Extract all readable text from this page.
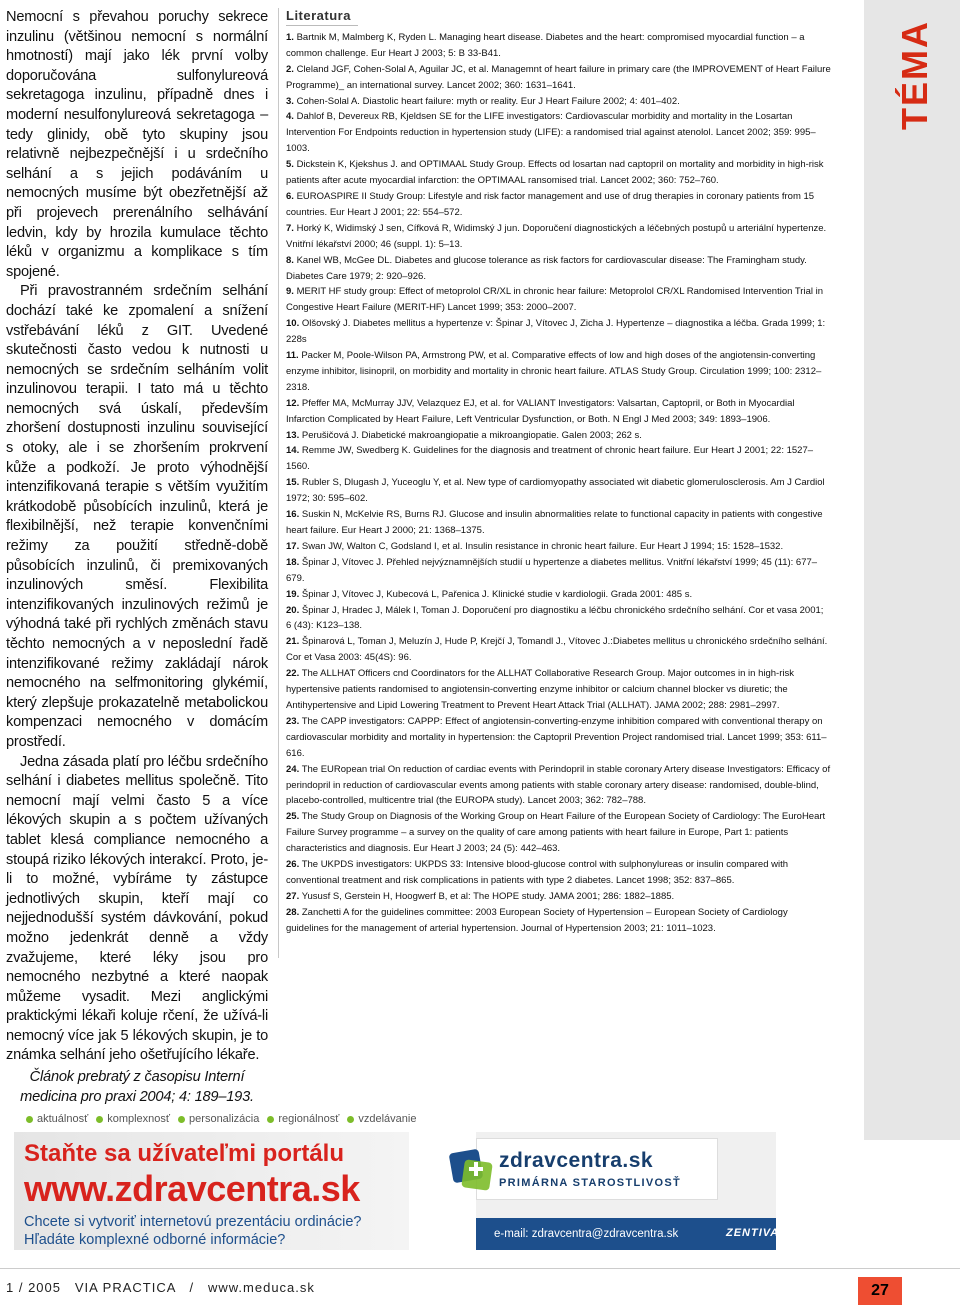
Nemocní s převahou poruchy sekrece inzulinu (většinou nemocní s normální hmotností) mají jako lék první volby doporučována sulfonylureová sekretagoga inzulinu, případně dnes i moderní nesulfonylureová sekretagoga – tedy glinidy, obě tyto skupiny jsou relativně nejbezpečnější i u srdečního selhání a s jejich podáváním u nemocných musíme být obezřetnější až při projevech prerenálního selhávání ledvin, kdy by hrozila kumulace těchto léků v organizmu a komplikace s tím spojené.

Při pravostranném srdečním selhání dochází také ke zpomalení a snížení vstřebávání léků z GIT. Uvedené skutečnosti často vedou k nutnosti u nemocných se srdečním selháním volit inzulinovou terapii. I tato má u těchto nemocných svá úskalí, především zhoršení dostupnosti inzulinu související s otoky, ale i se zhoršením prokrvení kůže a podkoží. Je proto výhodnější intenzifikovaná terapie s větším využitím krátkodobě působících inzulinů, která je flexibilnější, než terapie konvenčními režimy za použití středně-době působících inzulinů, či premixovaných inzulinových směsí. Flexibilita intenzifikovaných inzulinových režimů je výhodná také při rychlých změnách stavu těchto nemocných a v neposlední řadě intenzifikované režimy zakládají nárok nemocného na selfmonitoring glykémií, který zlepšuje prokazatelně metabolickou kompenzaci nemocného v domácím prostředí.

Jedna zásada platí pro léčbu srdečního selhání i diabetes mellitus společně. Tito nemocní mají velmi často 5 a více lékových skupin a s počtem užívaných tablet klesá compliance nemocného a stoupá riziko lékových interakcí. Proto, je-li to možné, vybíráme ty zástupce jednotlivých skupin, kteří mají co nejjednodušší systém dávkování, pokud možno jedenkrát denně a vždy zvažujeme, které léky jsou pro nemocného nezbytné a které naopak můžeme vysadit. Mezi anglickými praktickými lékaři koluje rčení, že užívá-li nemocný více jak 5 lékových skupin, je to známka selhání jeho ošetřujícího lékaře.

Článok prebratý z časopisu Interní medicina pro praxi 2004; 4: 189–193.

Literatura
1. Bartnik M, Malmberg K, Ryden L. Managing heart disease. Diabetes and the heart: compromised myocardial function – a common challenge. Eur Heart J 2003; 5: B 33-B41.
2. Cleland JGF, Cohen-Solal A, Aguilar JC, et al. Managemnt of heart failure in primary care (the IMPROVEMENT of Heart Failure Programme)_ an international survey. Lancet 2002; 360: 1631–1641.
3. Cohen-Solal A. Diastolic heart failure: myth or reality. Eur J Heart Failure 2002; 4: 401–402.
4. Dahlof B, Devereux RB, Kjeldsen SE for the LIFE investigators: Cardiovascular morbidity and mortality in the Losartan Intervention For Endpoints reduction in hypertension study (LIFE): a randomised trial against atenolol. Lancet 2002; 359: 995–1003.
5. Dickstein K, Kjekshus J. and OPTIMAAL Study Group. Effects od losartan nad captopril on mortality and morbidity in high-risk patients after acute myocardial infarction: the OPTIMAAL ransomised trial. Lancet 2002; 360: 752–760.
6. EUROASPIRE II Study Group: Lifestyle and risk factor management and use of drug therapies in coronary patients from 15 countries. Eur Heart J 2001; 22: 554–572.
7. Horký K, Widimský J sen, Cífková R, Widimský J jun. Doporučení diagnostických a léčebných postupů u arteriální hypertenze. Vnitřní lékařství 2000; 46 (suppl. 1): 5–13.
8. Kanel WB, McGee DL. Diabetes and glucose tolerance as risk factors for cardiovascular disease: The Framingham study. Diabetes Care 1979; 2: 920–926.
9. MERIT HF study group: Effect of metoprolol CR/XL in chronic hear failure: Metoprolol CR/XL Randomised Intervention Trial in Congestive Heart Failure (MERIT-HF) Lancet 1999; 353: 2000–2007.
10. Olšovský J. Diabetes mellitus a hypertenze v: Špinar J, Vítovec J, Zicha J. Hypertenze – diagnostika a léčba. Grada 1999; 1: 228s
11. Packer M, Poole-Wilson PA, Armstrong PW, et al. Comparative effects of low and high doses of the angiotensin-converting enzyme inhibitor, lisinopril, on morbidity and mortality in chronic heart failure. ATLAS Study Group. Circulation 1999; 100: 2312–2318.
12. Pfeffer MA, McMurray JJV, Velazquez EJ, et al. for VALIANT Investigators: Valsartan, Captopril, or Both in Myocardial Infarction Complicated by Heart Failure, Left Ventricular Dysfunction, or Both. N Engl J Med 2003; 349: 1893–1906.
13. Perušičová J. Diabetické makroangiopatie a mikroangiopatie. Galen 2003; 262 s.
14. Remme JW, Swedberg K. Guidelines for the diagnosis and treatment of chronic heart failure. Eur Heart J 2001; 22: 1527–1560.
15. Rubler S, Dlugash J, Yuceoglu Y, et al. New type of cardiomyopathy associated wit diabetic glomerulosclerosis. Am J Cardiol 1972; 30: 595–602.
16. Suskin N, McKelvie RS, Burns RJ. Glucose and insulin abnormalities relate to functional capacity in patients with congestive heart failure. Eur Heart J 2000; 21: 1368–1375.
17. Swan JW, Walton C, Godsland I, et al. Insulin resistance in chronic heart failure. Eur Heart J 1994; 15: 1528–1532.
18. Špinar J, Vítovec J. Přehled nejvýznamnějších studií u hypertenze a diabetes mellitus. Vnitřní lékařství 1999; 45 (11): 677–679.
19. Špinar J, Vítovec J, Kubecová L, Pařenica J. Klinické studie v kardiologii. Grada 2001: 485 s.
20. Špinar J, Hradec J, Málek I, Toman J. Doporučení pro diagnostiku a léčbu chronického srdečního selhání. Cor et vasa 2001; 6 (43): K123–138.
21. Špinarová L, Toman J, Meluzín J, Hude P, Krejčí J, Tomandl J., Vítovec J.:Diabetes mellitus u chronického srdečního selhání. Cor et Vasa 2003: 45(4S): 96.
22. The ALLHAT Officers cnd Coordinators for the ALLHAT Collaborative Research Group. Major outcomes in in high-risk hypertensive patients randomised to angiotensin-converting enzyme inhibitor or calcium channel blocker vs diuretic; the Antihypertensive and Lipid Lowering Treatment to Prevent Heart Attack Trial (ALLHAT). JAMA 2002; 288: 2981–2997.
23. The CAPP investigators: CAPPP: Effect of angiotensin-converting-enzyme inhibition compared with conventional therapy on cardiovascular morbidity and mortality in hypertension: the Captopril Prevention Project randomised trial. Lancet 1999; 353: 611–616.
24. The EURopean trial On reduction of cardiac events with Perindopril in stable coronary Artery disease Investigators: Efficacy of perindopril in reduction of cardiovascular events among patients with stable coronary artery disease: randomised, double-blind, placebo-controlled, multicentre trial (the EUROPA study). Lancet 2003; 362: 782–788.
25. The Study Group on Diagnosis of the Working Group on Heart Failure of the European Society of Cardiology: The EuroHeart Failure Survey programme – a survey on the quality of care among patients with heart failure in Europe, Part 1: patients characteristics and diagnosis. Eur Heart J 2003; 24 (5): 442–463.
26. The UKPDS investigators: UKPDS 33: Intensive blood-glucose control with sulphonylureas or insulin compared with conventional treatment and risk complications in patients with type 2 diabetes. Lancet 1998; 352: 837–865.
27. Yususf S, Gerstein H, Hoogwerf B, et al: The HOPE study. JAMA 2001; 286: 1882–1885.
28. Zanchetti A for the guidelines committee: 2003 European Society of Hypertension – European Society of Cardiology guidelines for the management of arterial hypertension. Journal of Hypertension 2003; 21: 1011–1023.
TÉMA
aktuálnosť komplexnosť personalizácia regionálnosť vzdelávanie
Staňte sa užívateľmi portálu
www.zdravcentra.sk
Chcete si vytvoriť internetovú prezentáciu ordinácie?
Hľadáte komplexné odborné informácie?
zdravcentra.sk
PRIMÁRNA STAROSTLIVOSŤ
e-mail: zdravcentra@zdravcentra.sk	ZENTIVA
1 / 2005   VIA PRACTICA   /   www.meduca.sk	27
